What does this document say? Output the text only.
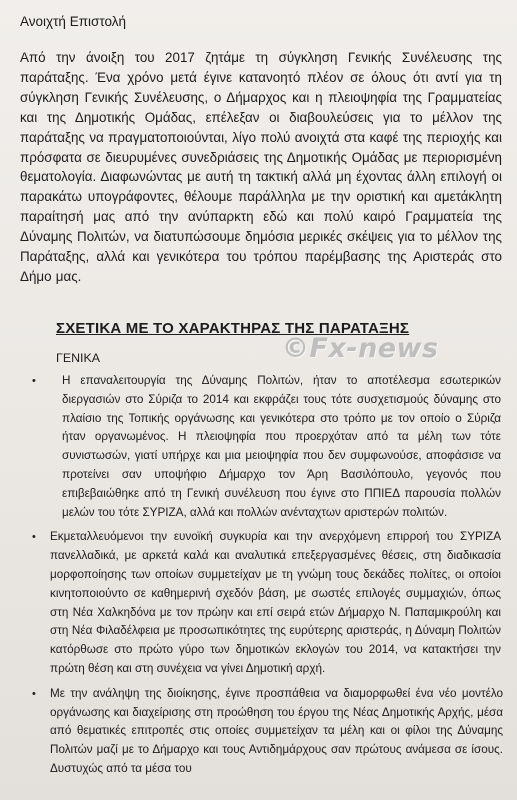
Ανοιχτή Επιστολή
Από την άνοιξη του 2017 ζητάμε τη σύγκληση Γενικής Συνέλευσης της παράταξης. Ένα χρόνο μετά έγινε κατανοητό πλέον σε όλους ότι αντί για τη σύγκληση Γενικής Συνέλευσης, ο Δήμαρχος και η πλειοψηφία της Γραμματείας και της Δημοτικής Ομάδας, επέλεξαν οι διαβουλεύσεις για το μέλλον της παράταξης να πραγματοποιούνται, λίγο πολύ ανοιχτά στα καφέ της περιοχής και πρόσφατα σε διευρυμένες συνεδριάσεις της Δημοτικής Ομάδας με περιορισμένη θεματολογία. Διαφωνώντας με αυτή τη τακτική αλλά μη έχοντας άλλη επιλογή οι παρακάτω υπογράφοντες, θέλουμε παράλληλα με την οριστική και αμετάκλητη παραίτησή μας από την ανύπαρκτη εδώ και πολύ καιρό Γραμματεία της Δύναμης Πολιτών, να διατυπώσουμε δημόσια μερικές σκέψεις για το μέλλον της Παράταξης, αλλά και γενικότερα του τρόπου παρέμβασης της Αριστεράς στο Δήμο μας.
ΣΧΕΤΙΚΑ ΜΕ ΤΟ ΧΑΡΑΚΤΗΡΑΣ ΤΗΣ ΠΑΡΑΤΑΞΗΣ
©Fx-news
ΓΕΝΙΚΑ
• Η επαναλειτουργία της Δύναμης Πολιτών, ήταν το αποτέλεσμα εσωτερικών διεργασιών στο Σύριζα το 2014 και εκφράζει τους τότε συσχετισμούς δύναμης στο πλαίσιο της Τοπικής οργάνωσης και γενικότερα στο τρόπο με τον οποίο ο Σύριζα ήταν οργανωμένος. Η πλειοψηφία που προερχόταν από τα μέλη των τότε συνιστωσών, γιατί υπήρχε και μια μειοψηφία που δεν συμφωνούσε, αποφάσισε να προτείνει σαν υποψήφιο Δήμαρχο τον Άρη Βασιλόπουλο, γεγονός που επιβεβαιώθηκε από τη Γενική συνέλευση που έγινε στο ΠΠΙΕΔ παρουσία πολλών μελών του τότε ΣΥΡΙΖΑ, αλλά και πολλών ανένταχτων αριστερών πολιτών.
• Εκμεταλλευόμενοι την ευνοϊκή συγκυρία και την ανερχόμενη επιρροή του ΣΥΡΙΖΑ πανελλαδικά, με αρκετά καλά και αναλυτικά επεξεργασμένες θέσεις, στη διαδικασία μορφοποίησης των οποίων συμμετείχαν με τη γνώμη τους δεκάδες πολίτες, οι οποίοι κινητοποιούντο σε καθημερινή σχεδόν βάση, με σωστές επιλογές συμμαχιών, όπως στη Νέα Χαλκηδόνα με τον πρώην και επί σειρά ετών Δήμαρχο Ν. Παπαμικρούλη και στη Νέα Φιλαδέλφεια με προσωπικότητες της ευρύτερης αριστεράς, η Δύναμη Πολιτών κατόρθωσε στο πρώτο γύρο των δημοτικών εκλογών του 2014, να κατακτήσει την πρώτη θέση και στη συνέχεια να γίνει Δημοτική αρχή.
• Με την ανάληψη της διοίκησης, έγινε προσπάθεια να διαμορφωθεί ένα νέο μοντέλο οργάνωσης και διαχείρισης στη προώθηση του έργου της Νέας Δημοτικής Αρχής, μέσα από θεματικές επιτροπές στις οποίες συμμετείχαν τα μέλη και οι φίλοι της Δύναμης Πολιτών μαζί με το Δήμαρχο και τους Αντιδημάρχους σαν πρώτους ανάμεσα σε ίσους. Δυστυχώς από τα μέσα του
